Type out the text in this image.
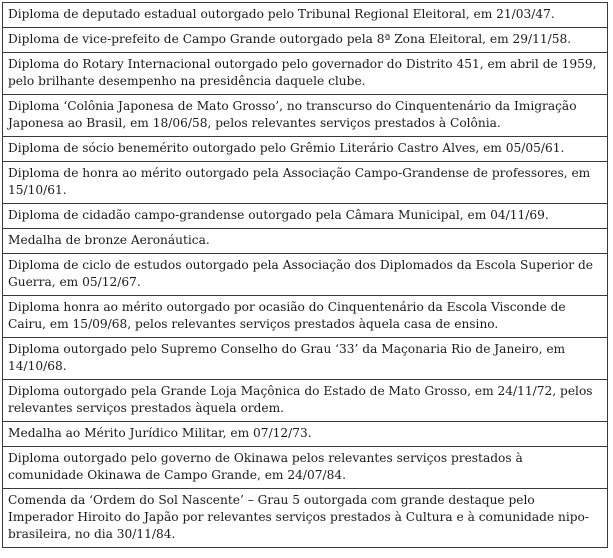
Diploma de deputado estadual outorgado pelo Tribunal Regional Eleitoral, em 21/03/47.
Diploma de vice-prefeito de Campo Grande outorgado pela 8ª Zona Eleitoral, em 29/11/58.
Diploma do Rotary Internacional outorgado pelo governador do Distrito 451, em abril de 1959, pelo brilhante desempenho na presidência daquele clube.
Diploma ‘Colônia Japonesa de Mato Grosso’, no transcurso do Cinquentenário da Imigração Japonesa ao Brasil, em 18/06/58, pelos relevantes serviços prestados à Colônia.
Diploma de sócio benemérito outorgado pelo Grêmio Literário Castro Alves, em 05/05/61.
Diploma de honra ao mérito outorgado pela Associação Campo-Grandense de professores, em 15/10/61.
Diploma de cidadão campo-grandense outorgado pela Câmara Municipal, em 04/11/69.
Medalha de bronze Aeronáutica.
Diploma de ciclo de estudos outorgado pela Associação dos Diplomados da Escola Superior de Guerra, em 05/12/67.
Diploma honra ao mérito outorgado por ocasião do Cinquentenário da Escola Visconde de Cairu, em 15/09/68, pelos relevantes serviços prestados àquela casa de ensino.
Diploma outorgado pelo Supremo Conselho do Grau ‘33’ da Maçonaria Rio de Janeiro, em 14/10/68.
Diploma outorgado pela Grande Loja Maçônica do Estado de Mato Grosso, em 24/11/72, pelos relevantes serviços prestados àquela ordem.
Medalha ao Mérito Jurídico Militar, em 07/12/73.
Diploma outorgado pelo governo de Okinawa pelos relevantes serviços prestados à comunidade Okinawa de Campo Grande, em 24/07/84.
Comenda da ‘Ordem do Sol Nascente’ – Grau 5 outorgada com grande destaque pelo Imperador Hiroito do Japão por relevantes serviços prestados à Cultura e à comunidade nipo-brasileira, no dia 30/11/84.
